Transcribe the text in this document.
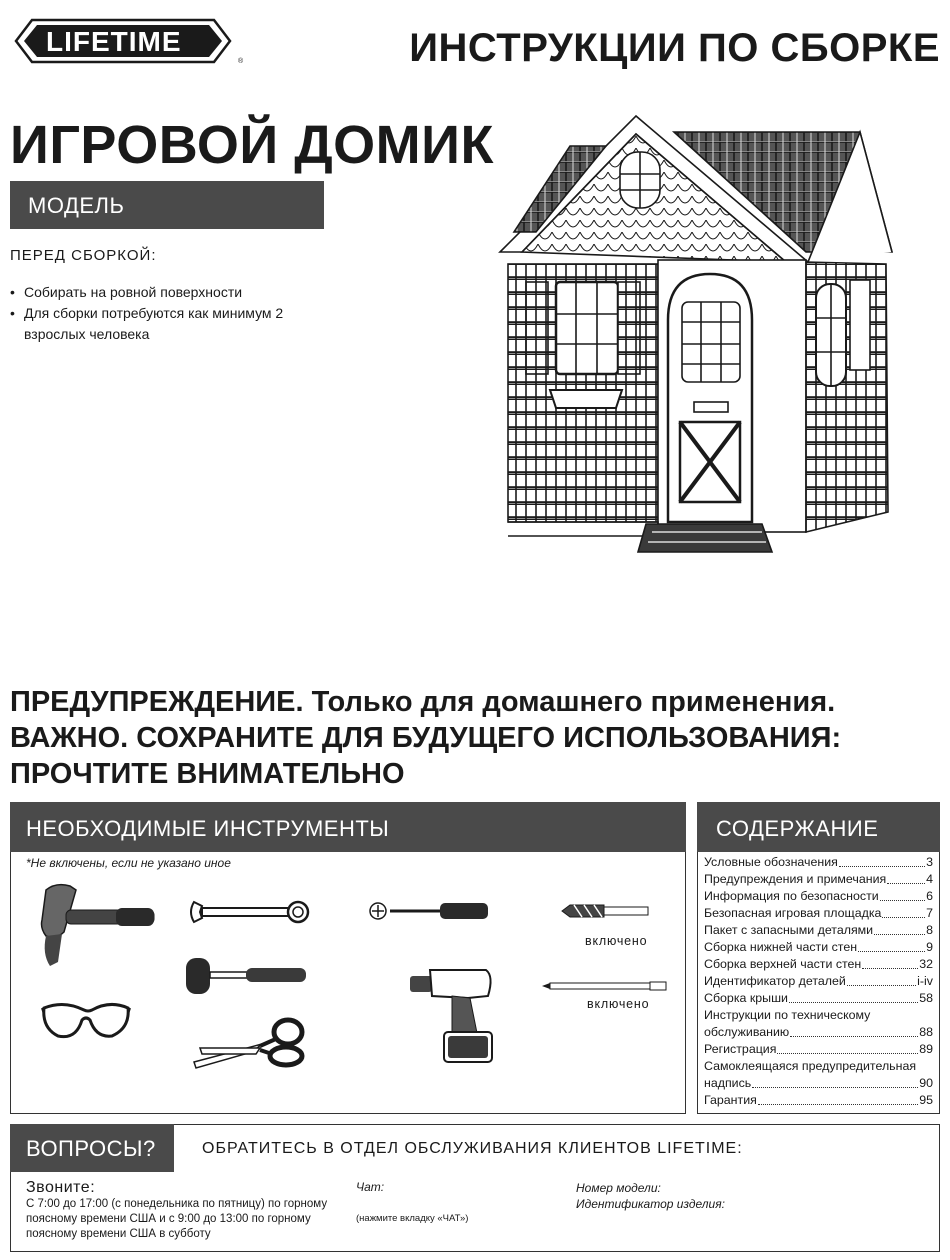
LIFETIME
®	ИНСТРУКЦИИ ПО СБОРКЕ
ИГРОВОЙ ДОМИК
МОДЕЛЬ
ПЕРЕД СБОРКОЙ:
• Собирать на ровной поверхности
• Для сборки потребуются как минимум 2 взрослых человека
ПРЕДУПРЕЖДЕНИЕ. Только для домашнего применения.
ВАЖНО. СОХРАНИТЕ ДЛЯ БУДУЩЕГО ИСПОЛЬЗОВАНИЯ:
ПРОЧТИТЕ ВНИМАТЕЛЬНО
НЕОБХОДИМЫЕ ИНСТРУМЕНТЫ
*Не включены, если не указано иное
включено
включено
СОДЕРЖАНИЕ
Условные обозначения	3
Предупреждения и примечания	4
Информация по безопасности	6
Безопасная игровая площадка	7
Пакет с запасными деталями	8
Сборка нижней части стен	9
Сборка верхней части стен	32
Идентификатор деталей	i-iv
Сборка крыши	58
Инструкции по техническому
обслуживанию	88
Регистрация	89
Самоклеящаяся предупредительная
надпись	90
Гарантия	95
ВОПРОСЫ?	ОБРАТИТЕСЬ В ОТДЕЛ ОБСЛУЖИВАНИЯ КЛИЕНТОВ LIFETIME:
Звоните:
С 7:00 до 17:00 (с понедельника по пятницу) по горному поясному времени США и с 9:00 до 13:00 по горному поясному времени США в субботу
Чат:
(нажмите вкладку «ЧАТ»)
Номер модели:
Идентификатор изделия:
